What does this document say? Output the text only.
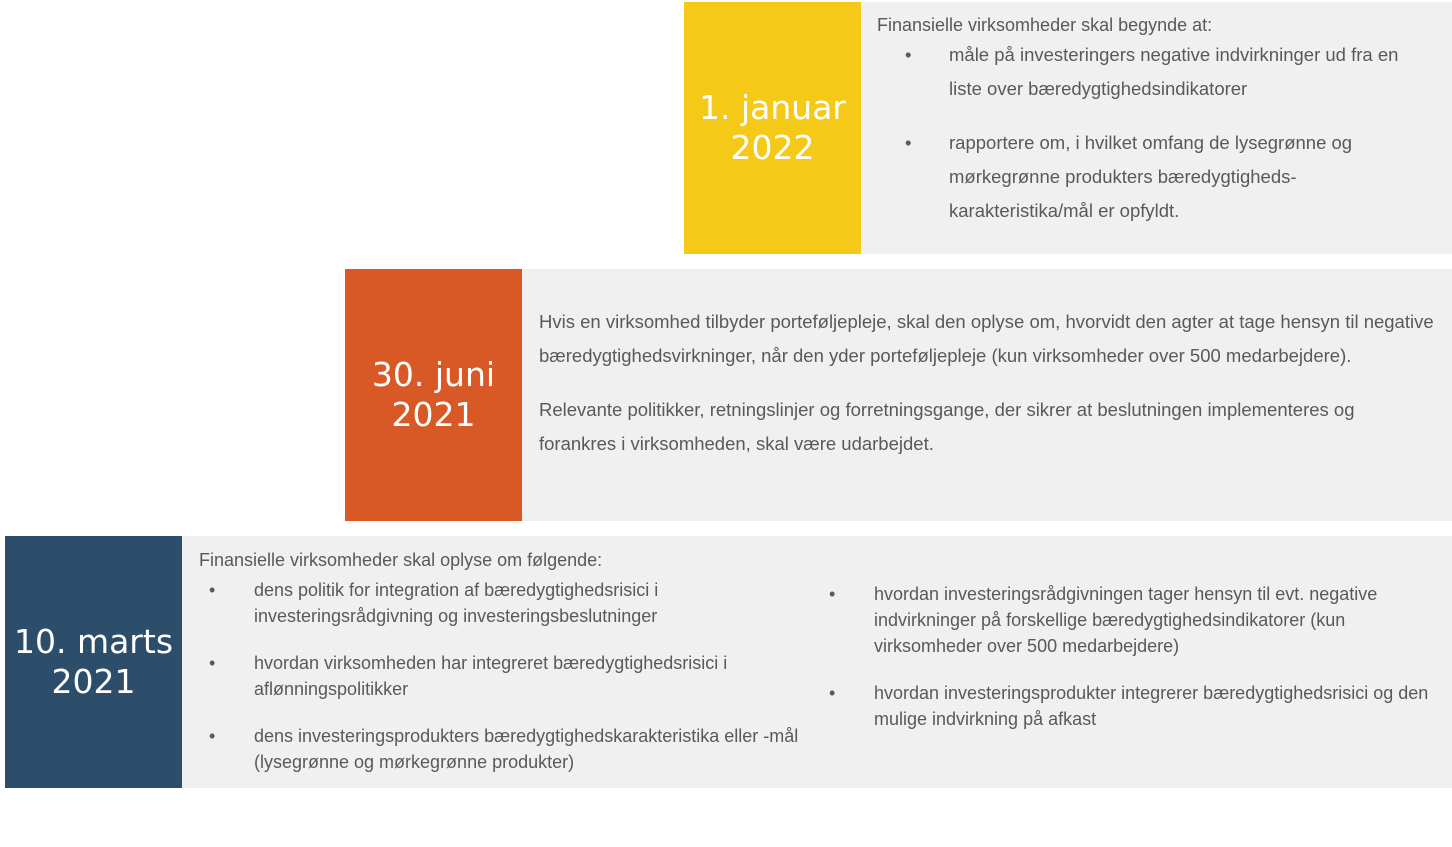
1. januar
2022
Finansielle virksomheder skal begynde at:
• måle på investeringers negative indvirkninger ud fra en liste over bæredygtighedsindikatorer
• rapportere om, i hvilket omfang de lysegrønne og mørkegrønne produkters bæredygtigheds-karakteristika/mål er opfyldt.
30. juni
2021

Hvis en virksomhed tilbyder porteføljepleje, skal den oplyse om, hvorvidt den agter at tage hensyn til negative bæredygtighedsvirkninger, når den yder porteføljepleje (kun virksomheder over 500 medarbejdere).

Relevante politikker, retningslinjer og forretningsgange, der sikrer at beslutningen implementeres og forankres i virksomheden, skal være udarbejdet.

10. marts
2021
Finansielle virksomheder skal oplyse om følgende:
• dens politik for integration af bæredygtighedsrisici i investeringsrådgivning og investeringsbeslutninger
• hvordan virksomheden har integreret bæredygtighedsrisici i aflønningspolitikker
• dens investeringsprodukters bæredygtighedskarakteristika eller -mål (lysegrønne og mørkegrønne produkter)
• hvordan investeringsrådgivningen tager hensyn til evt. negative indvirkninger på forskellige bæredygtighedsindikatorer (kun virksomheder over 500 medarbejdere)
• hvordan investeringsprodukter integrerer bæredygtighedsrisici og den mulige indvirkning på afkast
